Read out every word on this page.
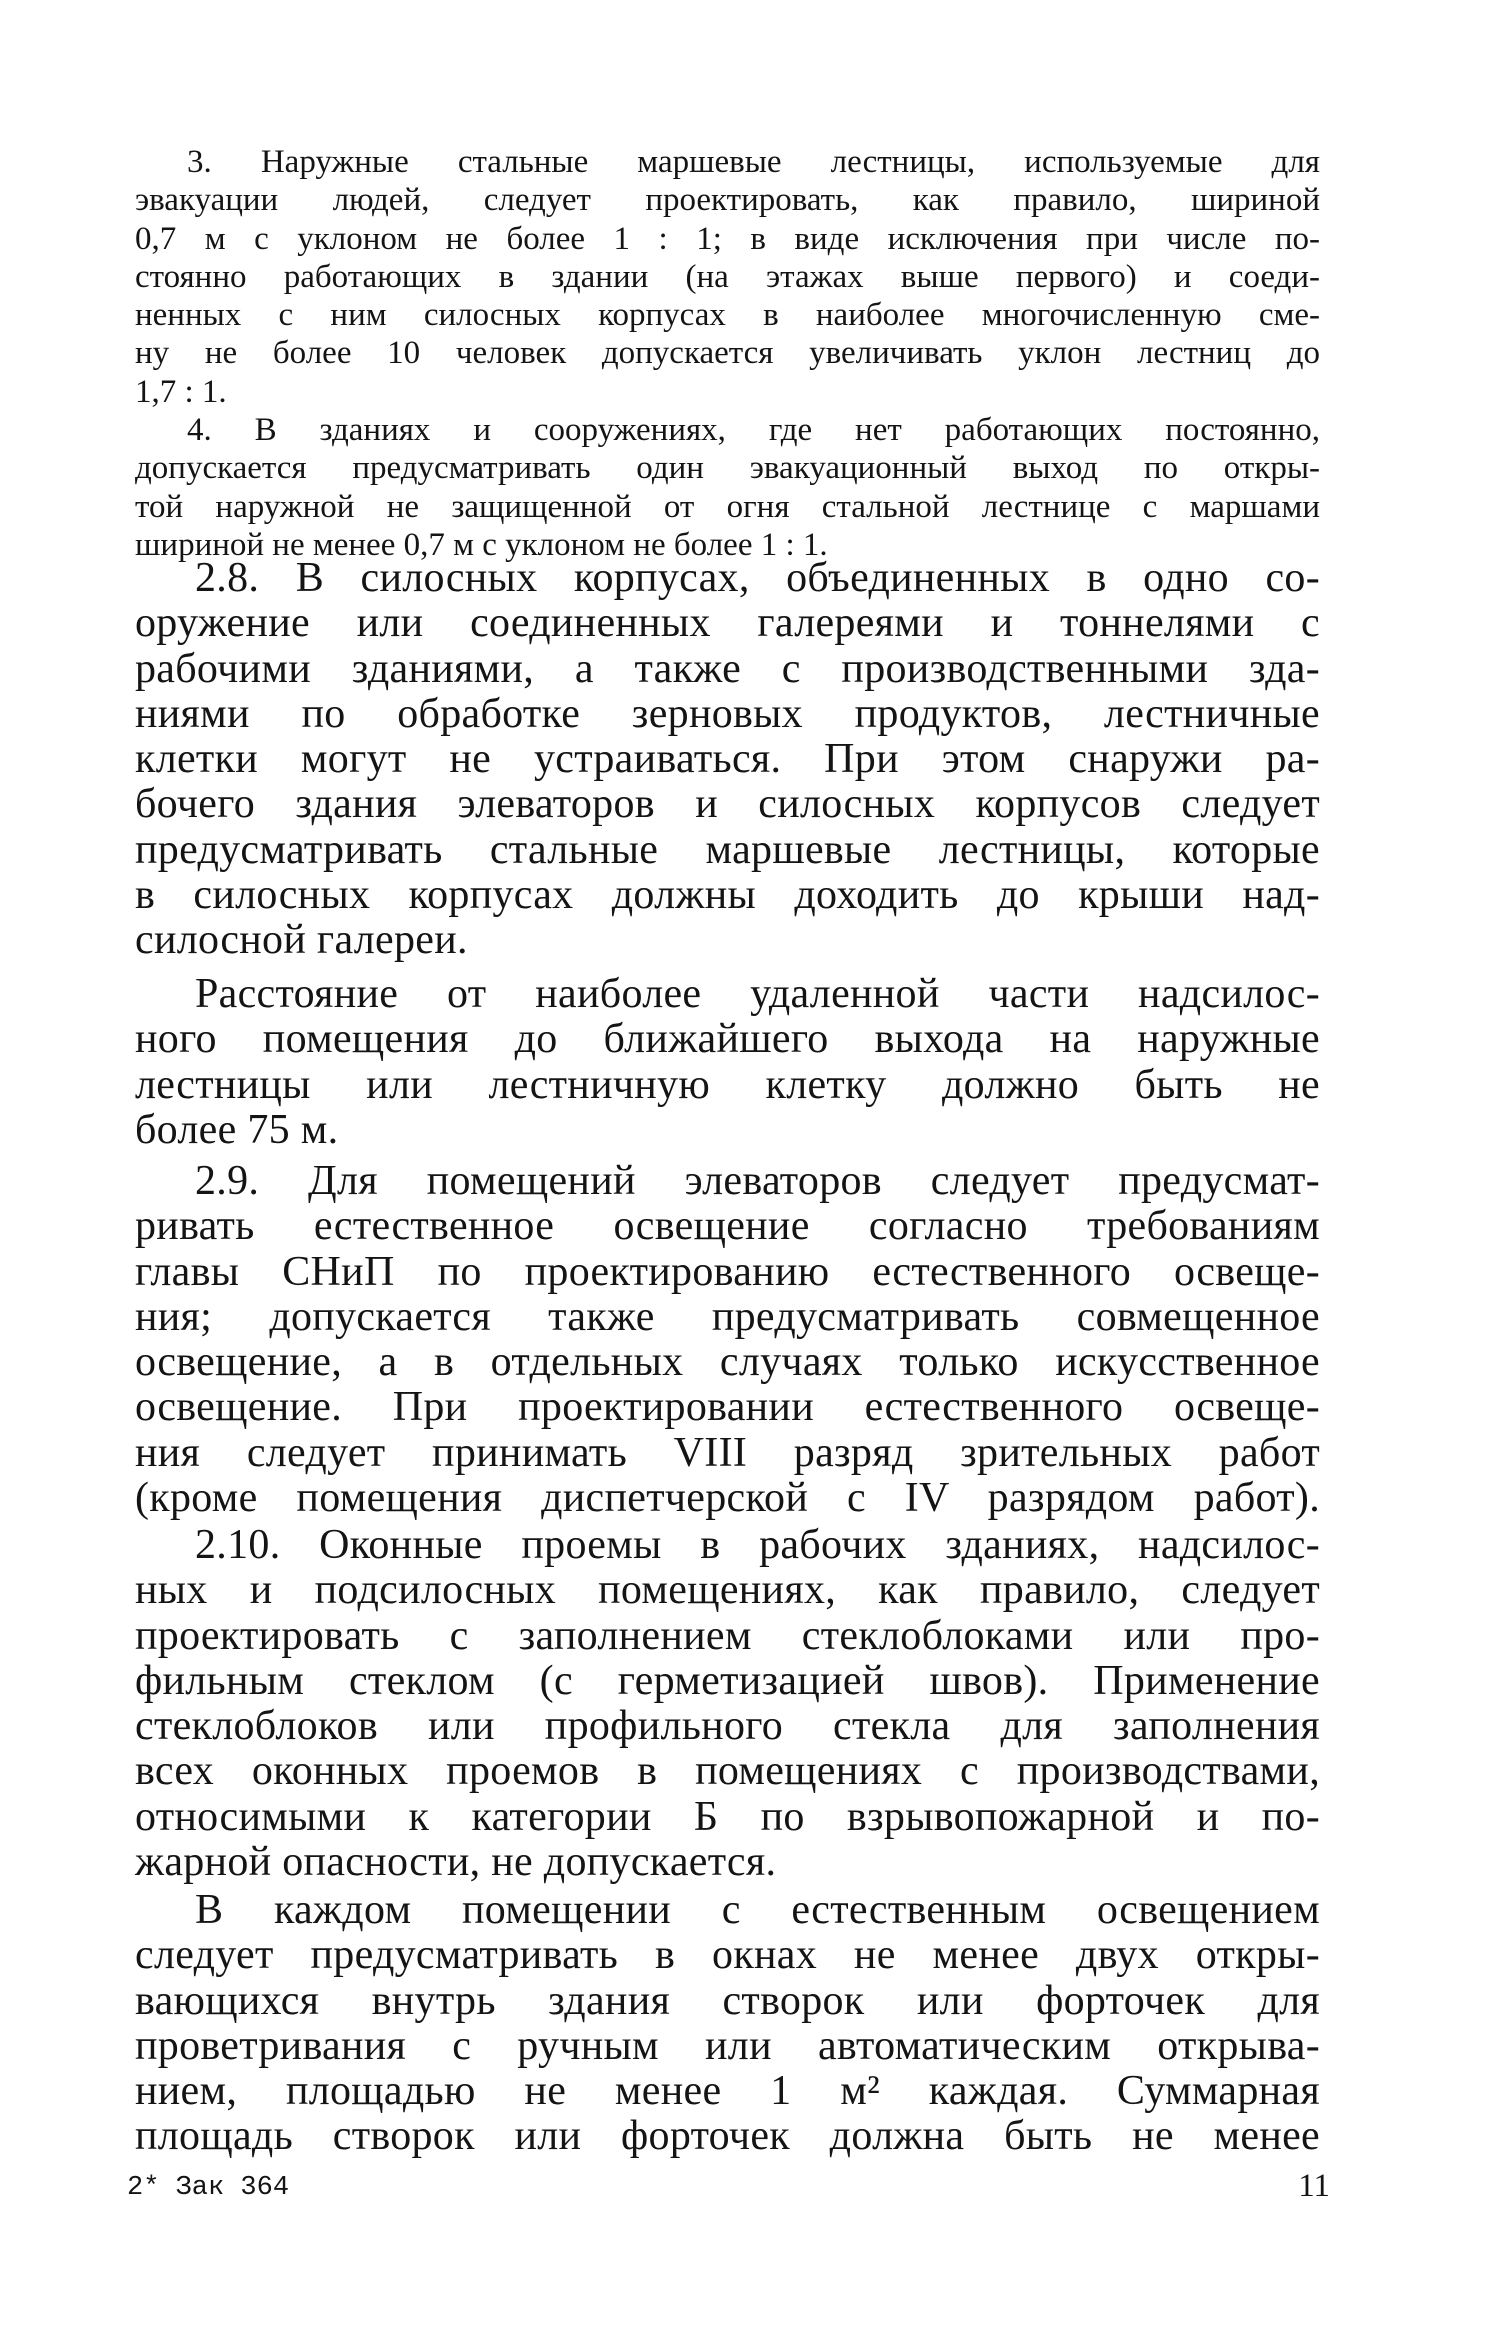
3. Наружные стальные маршевые лестницы, используемые для
эвакуации людей, следует проектировать, как правило, шириной
0,7 м с уклоном не более 1 : 1; в виде исключения при числе по-
стоянно работающих в здании (на этажах выше первого) и соеди-
ненных с ним силосных корпусах в наиболее многочисленную сме-
ну не более 10 человек допускается увеличивать уклон лестниц до
1,7 : 1.
4. В зданиях и сооружениях, где нет работающих постоянно,
допускается предусматривать один эвакуационный выход по откры-
той наружной не защищенной от огня стальной лестнице с маршами
шириной не менее 0,7 м с уклоном не более 1 : 1.
2.8. В силосных корпусах, объединенных в одно со-
оружение или соединенных галереями и тоннелями с
рабочими зданиями, а также с производственными зда-
ниями по обработке зерновых продуктов, лестничные
клетки могут не устраиваться. При этом снаружи ра-
бочего здания элеваторов и силосных корпусов следует
предусматривать стальные маршевые лестницы, которые
в силосных корпусах должны доходить до крыши над-
силосной галереи.
Расстояние от наиболее удаленной части надсилос-
ного помещения до ближайшего выхода на наружные
лестницы или лестничную клетку должно быть не
более 75 м.
2.9. Для помещений элеваторов следует предусмат-
ривать естественное освещение согласно требованиям
главы СНиП по проектированию естественного освеще-
ния; допускается также предусматривать совмещенное
освещение, а в отдельных случаях только искусственное
освещение. При проектировании естественного освеще-
ния следует принимать VIII разряд зрительных работ
(кроме помещения диспетчерской с IV разрядом работ).
2.10. Оконные проемы в рабочих зданиях, надсилос-
ных и подсилосных помещениях, как правило, следует
проектировать с заполнением стеклоблоками или про-
фильным стеклом (с герметизацией швов). Применение
стеклоблоков или профильного стекла для заполнения
всех оконных проемов в помещениях с производствами,
относимыми к категории Б по взрывопожарной и по-
жарной опасности, не допускается.
В каждом помещении с естественным освещением
следует предусматривать в окнах не менее двух откры-
вающихся внутрь здания створок или форточек для
проветривания с ручным или автоматическим открыва-
нием, площадью не менее 1 м² каждая. Суммарная
площадь створок или форточек должна быть не менее
2* Зак 364	11
